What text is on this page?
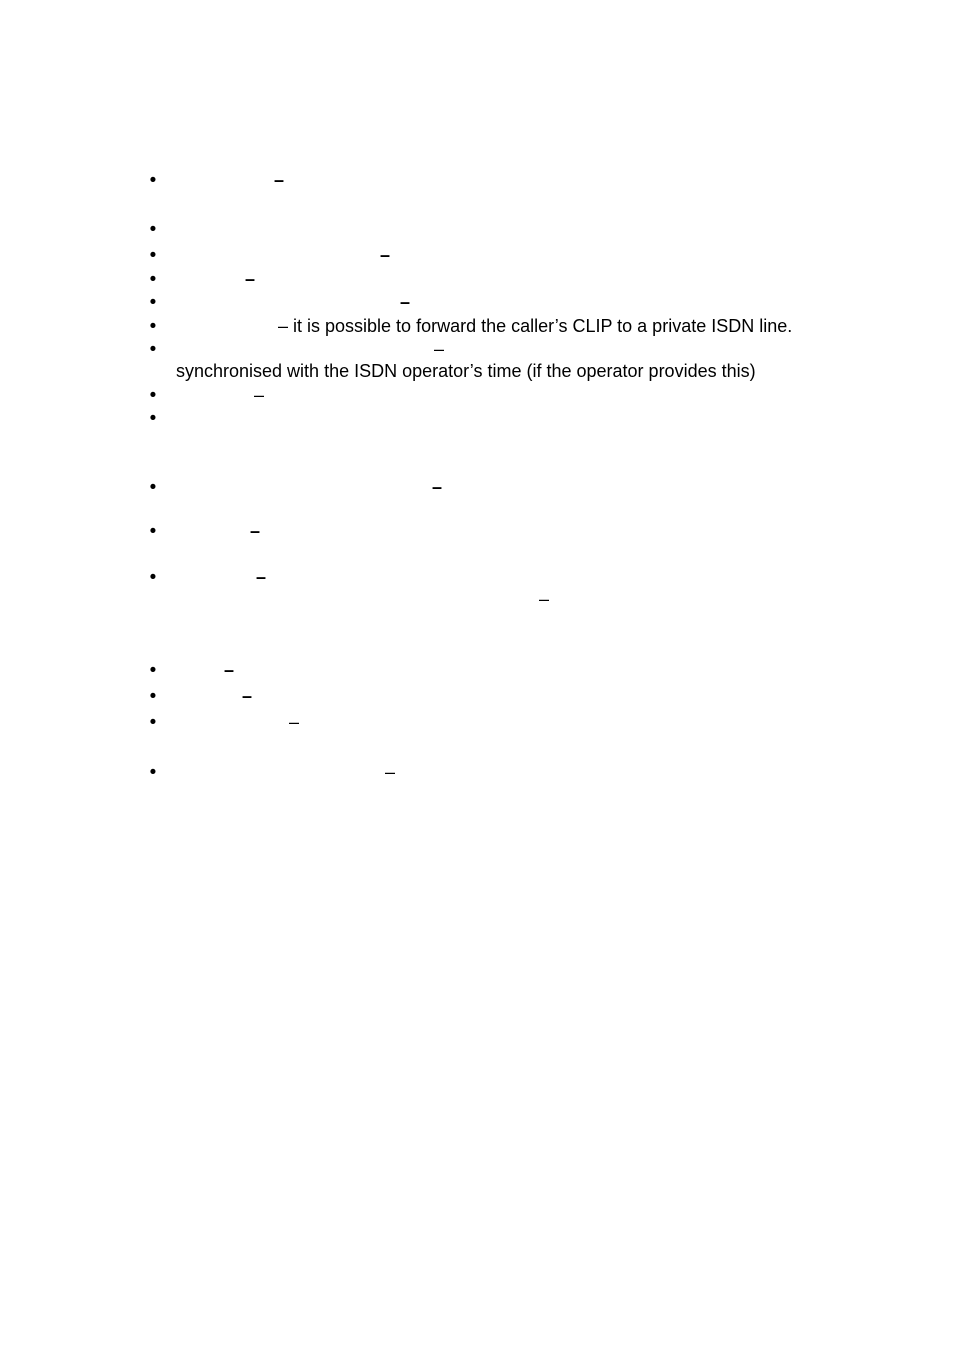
•
•
•
•
•
•
•
•
•
•
•
•
•
•
•
•
–
–
–
–
– it is possible to forward the caller’s CLIP to a private ISDN line.
–
synchronised with the ISDN operator’s time (if the operator provides this)
–
–
–
–
–
–
–
–
–
